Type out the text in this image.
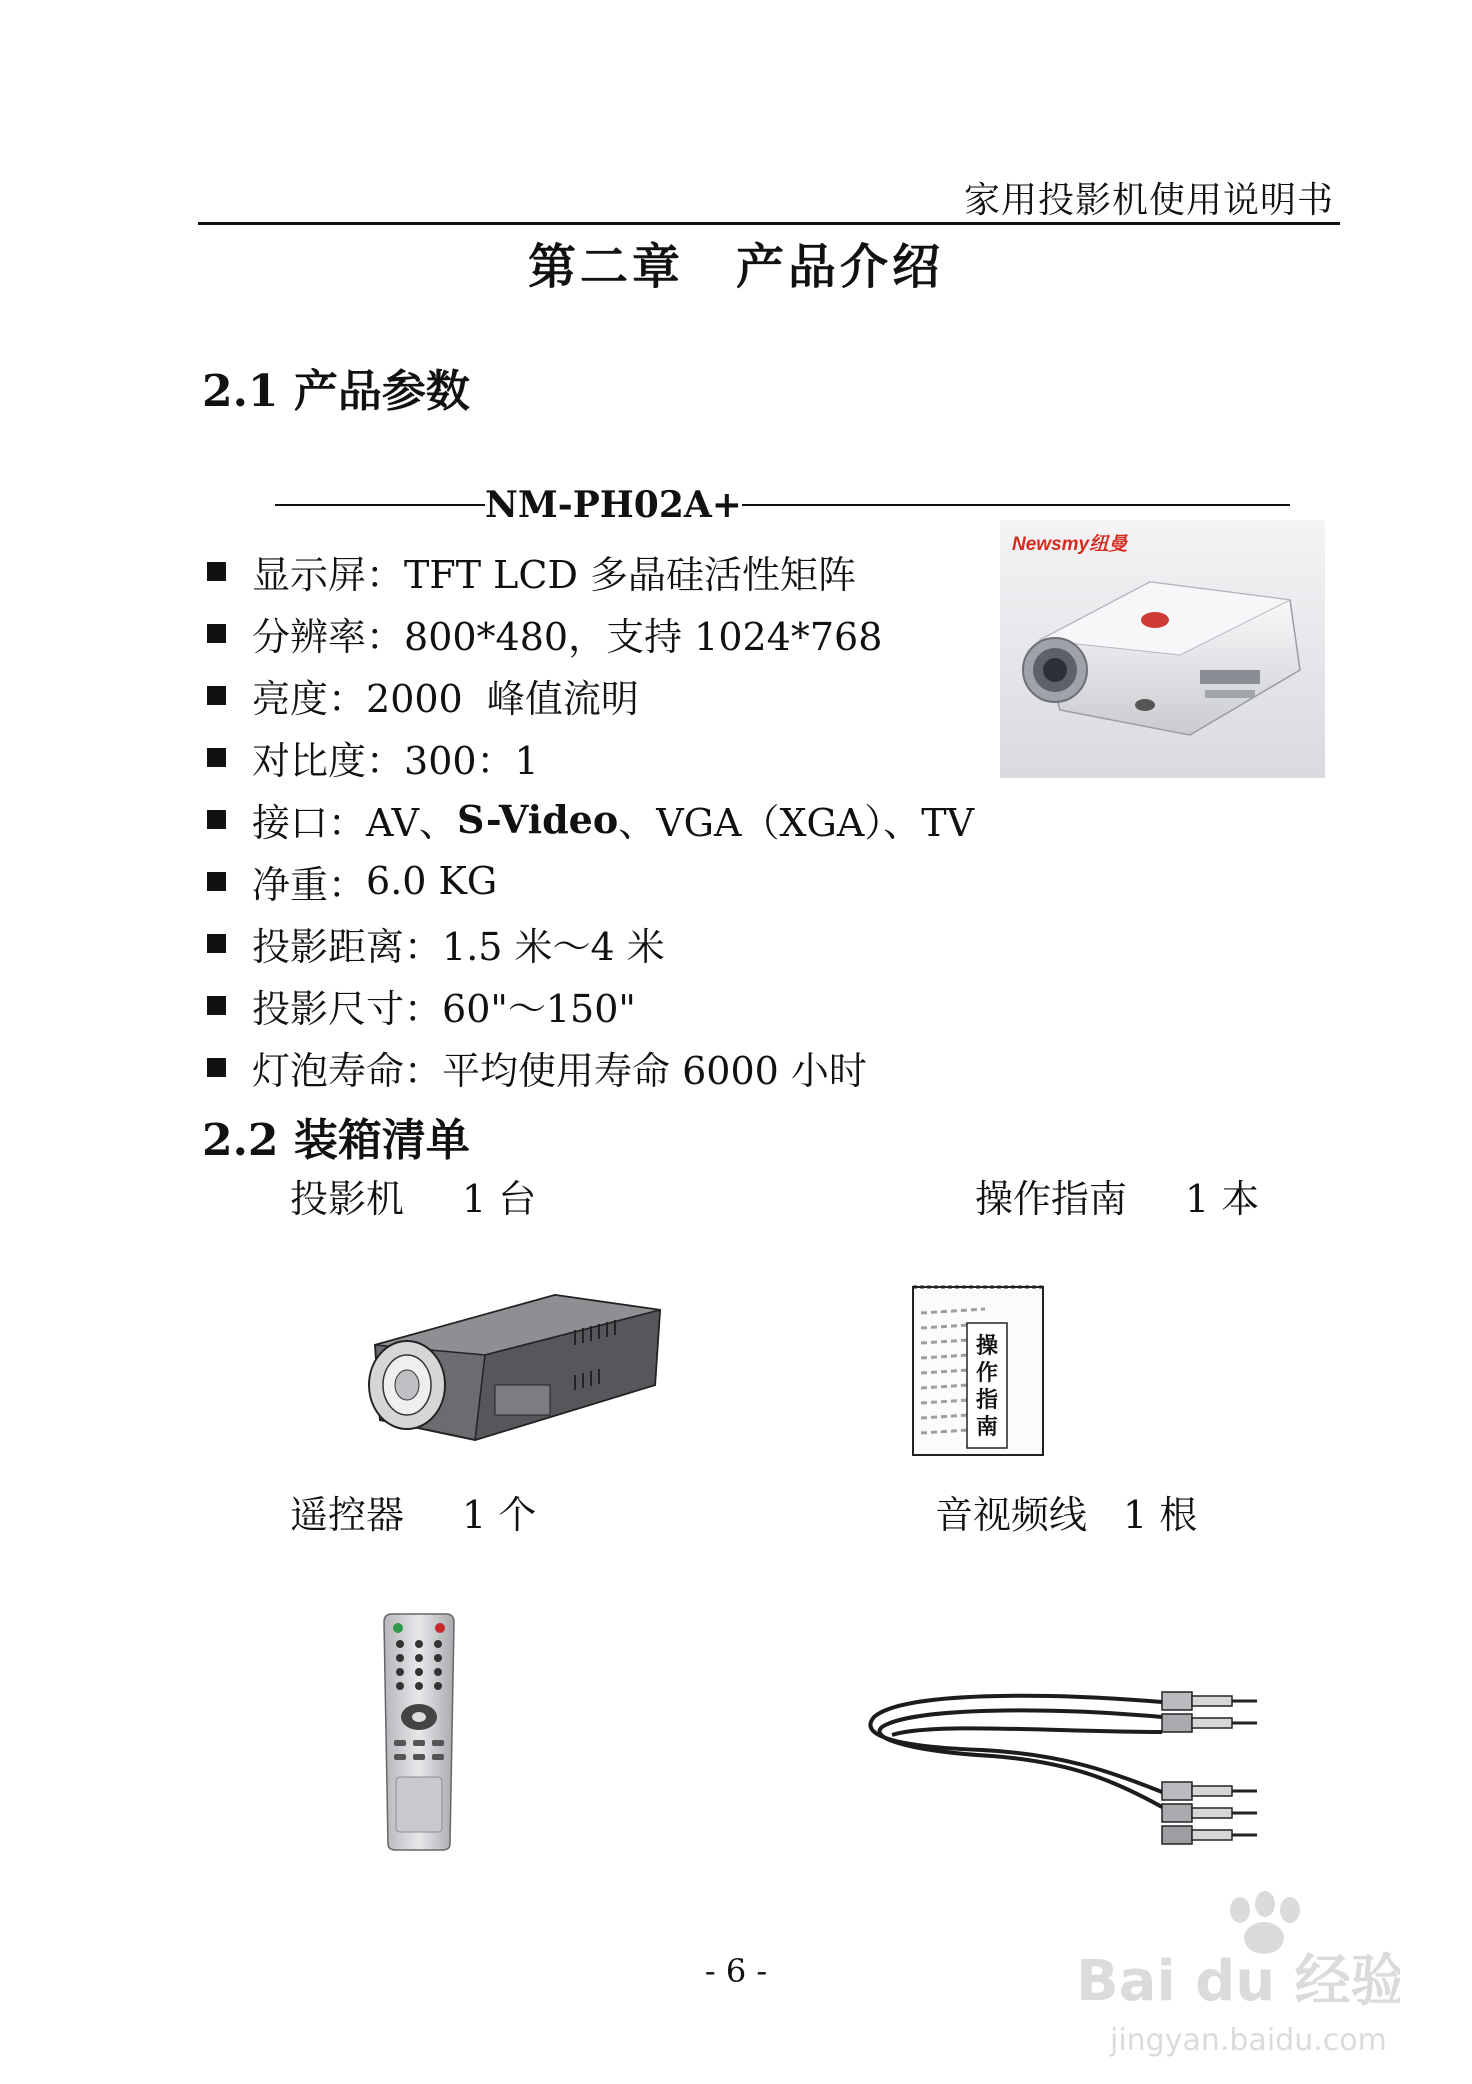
家用投影机使用说明书
第二章　产品介绍
2.1 产品参数
NM-PH02A+
Newsmy纽曼
显示屏： TFT LCD 多晶硅活性矩阵
分辨率： 800*480，支持 1024*768
亮度： 2000  峰值流明
对比度： 300：1
接口： AV、 S-Video 、VGA（XGA）、TV
净重： 6.0 KG
投影距离： 1.5 米～4 米
投影尺寸： 60"～150"
灯泡寿命： 平均使用寿命 6000 小时
2.2 装箱清单
投影机 1 台	操作指南 1 本
操
作
指
南
遥控器 1 个	音视频线 1 根
- 6 -	Bai du 经验
jingyan.baidu.com
